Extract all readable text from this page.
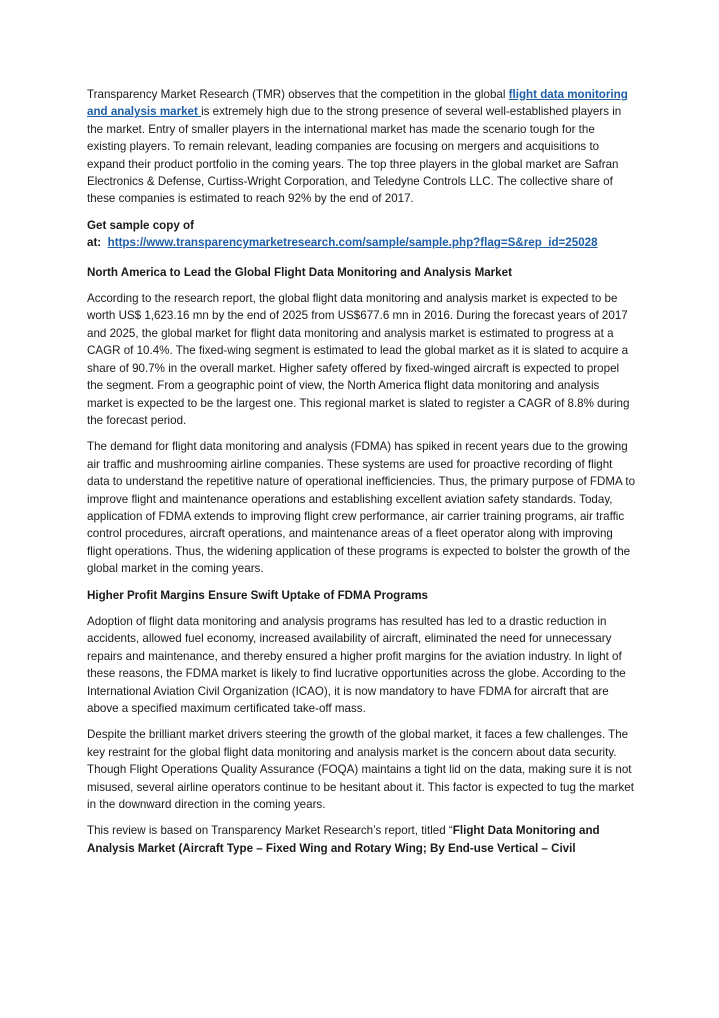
Transparency Market Research (TMR) observes that the competition in the global flight data monitoring and analysis market is extremely high due to the strong presence of several well-established players in the market. Entry of smaller players in the international market has made the scenario tough for the existing players. To remain relevant, leading companies are focusing on mergers and acquisitions to expand their product portfolio in the coming years. The top three players in the global market are Safran Electronics & Defense, Curtiss-Wright Corporation, and Teledyne Controls LLC. The collective share of these companies is estimated to reach 92% by the end of 2017.

Get sample copy of
at: https://www.transparencymarketresearch.com/sample/sample.php?flag=S&rep_id=25028

North America to Lead the Global Flight Data Monitoring and Analysis Market

According to the research report, the global flight data monitoring and analysis market is expected to be worth US$ 1,623.16 mn by the end of 2025 from US$677.6 mn in 2016. During the forecast years of 2017 and 2025, the global market for flight data monitoring and analysis market is estimated to progress at a CAGR of 10.4%. The fixed-wing segment is estimated to lead the global market as it is slated to acquire a share of 90.7% in the overall market. Higher safety offered by fixed-winged aircraft is expected to propel the segment. From a geographic point of view, the North America flight data monitoring and analysis market is expected to be the largest one. This regional market is slated to register a CAGR of 8.8% during the forecast period.

The demand for flight data monitoring and analysis (FDMA) has spiked in recent years due to the growing air traffic and mushrooming airline companies. These systems are used for proactive recording of flight data to understand the repetitive nature of operational inefficiencies. Thus, the primary purpose of FDMA to improve flight and maintenance operations and establishing excellent aviation safety standards. Today, application of FDMA extends to improving flight crew performance, air carrier training programs, air traffic control procedures, aircraft operations, and maintenance areas of a fleet operator along with improving flight operations. Thus, the widening application of these programs is expected to bolster the growth of the global market in the coming years.

Higher Profit Margins Ensure Swift Uptake of FDMA Programs

Adoption of flight data monitoring and analysis programs has resulted has led to a drastic reduction in accidents, allowed fuel economy, increased availability of aircraft, eliminated the need for unnecessary repairs and maintenance, and thereby ensured a higher profit margins for the aviation industry. In light of these reasons, the FDMA market is likely to find lucrative opportunities across the globe. According to the International Aviation Civil Organization (ICAO), it is now mandatory to have FDMA for aircraft that are above a specified maximum certificated take-off mass.

Despite the brilliant market drivers steering the growth of the global market, it faces a few challenges. The key restraint for the global flight data monitoring and analysis market is the concern about data security. Though Flight Operations Quality Assurance (FOQA) maintains a tight lid on the data, making sure it is not misused, several airline operators continue to be hesitant about it. This factor is expected to tug the market in the downward direction in the coming years.

This review is based on Transparency Market Research’s report, titled “Flight Data Monitoring and Analysis Market (Aircraft Type – Fixed Wing and Rotary Wing; By End-use Vertical – Civil
